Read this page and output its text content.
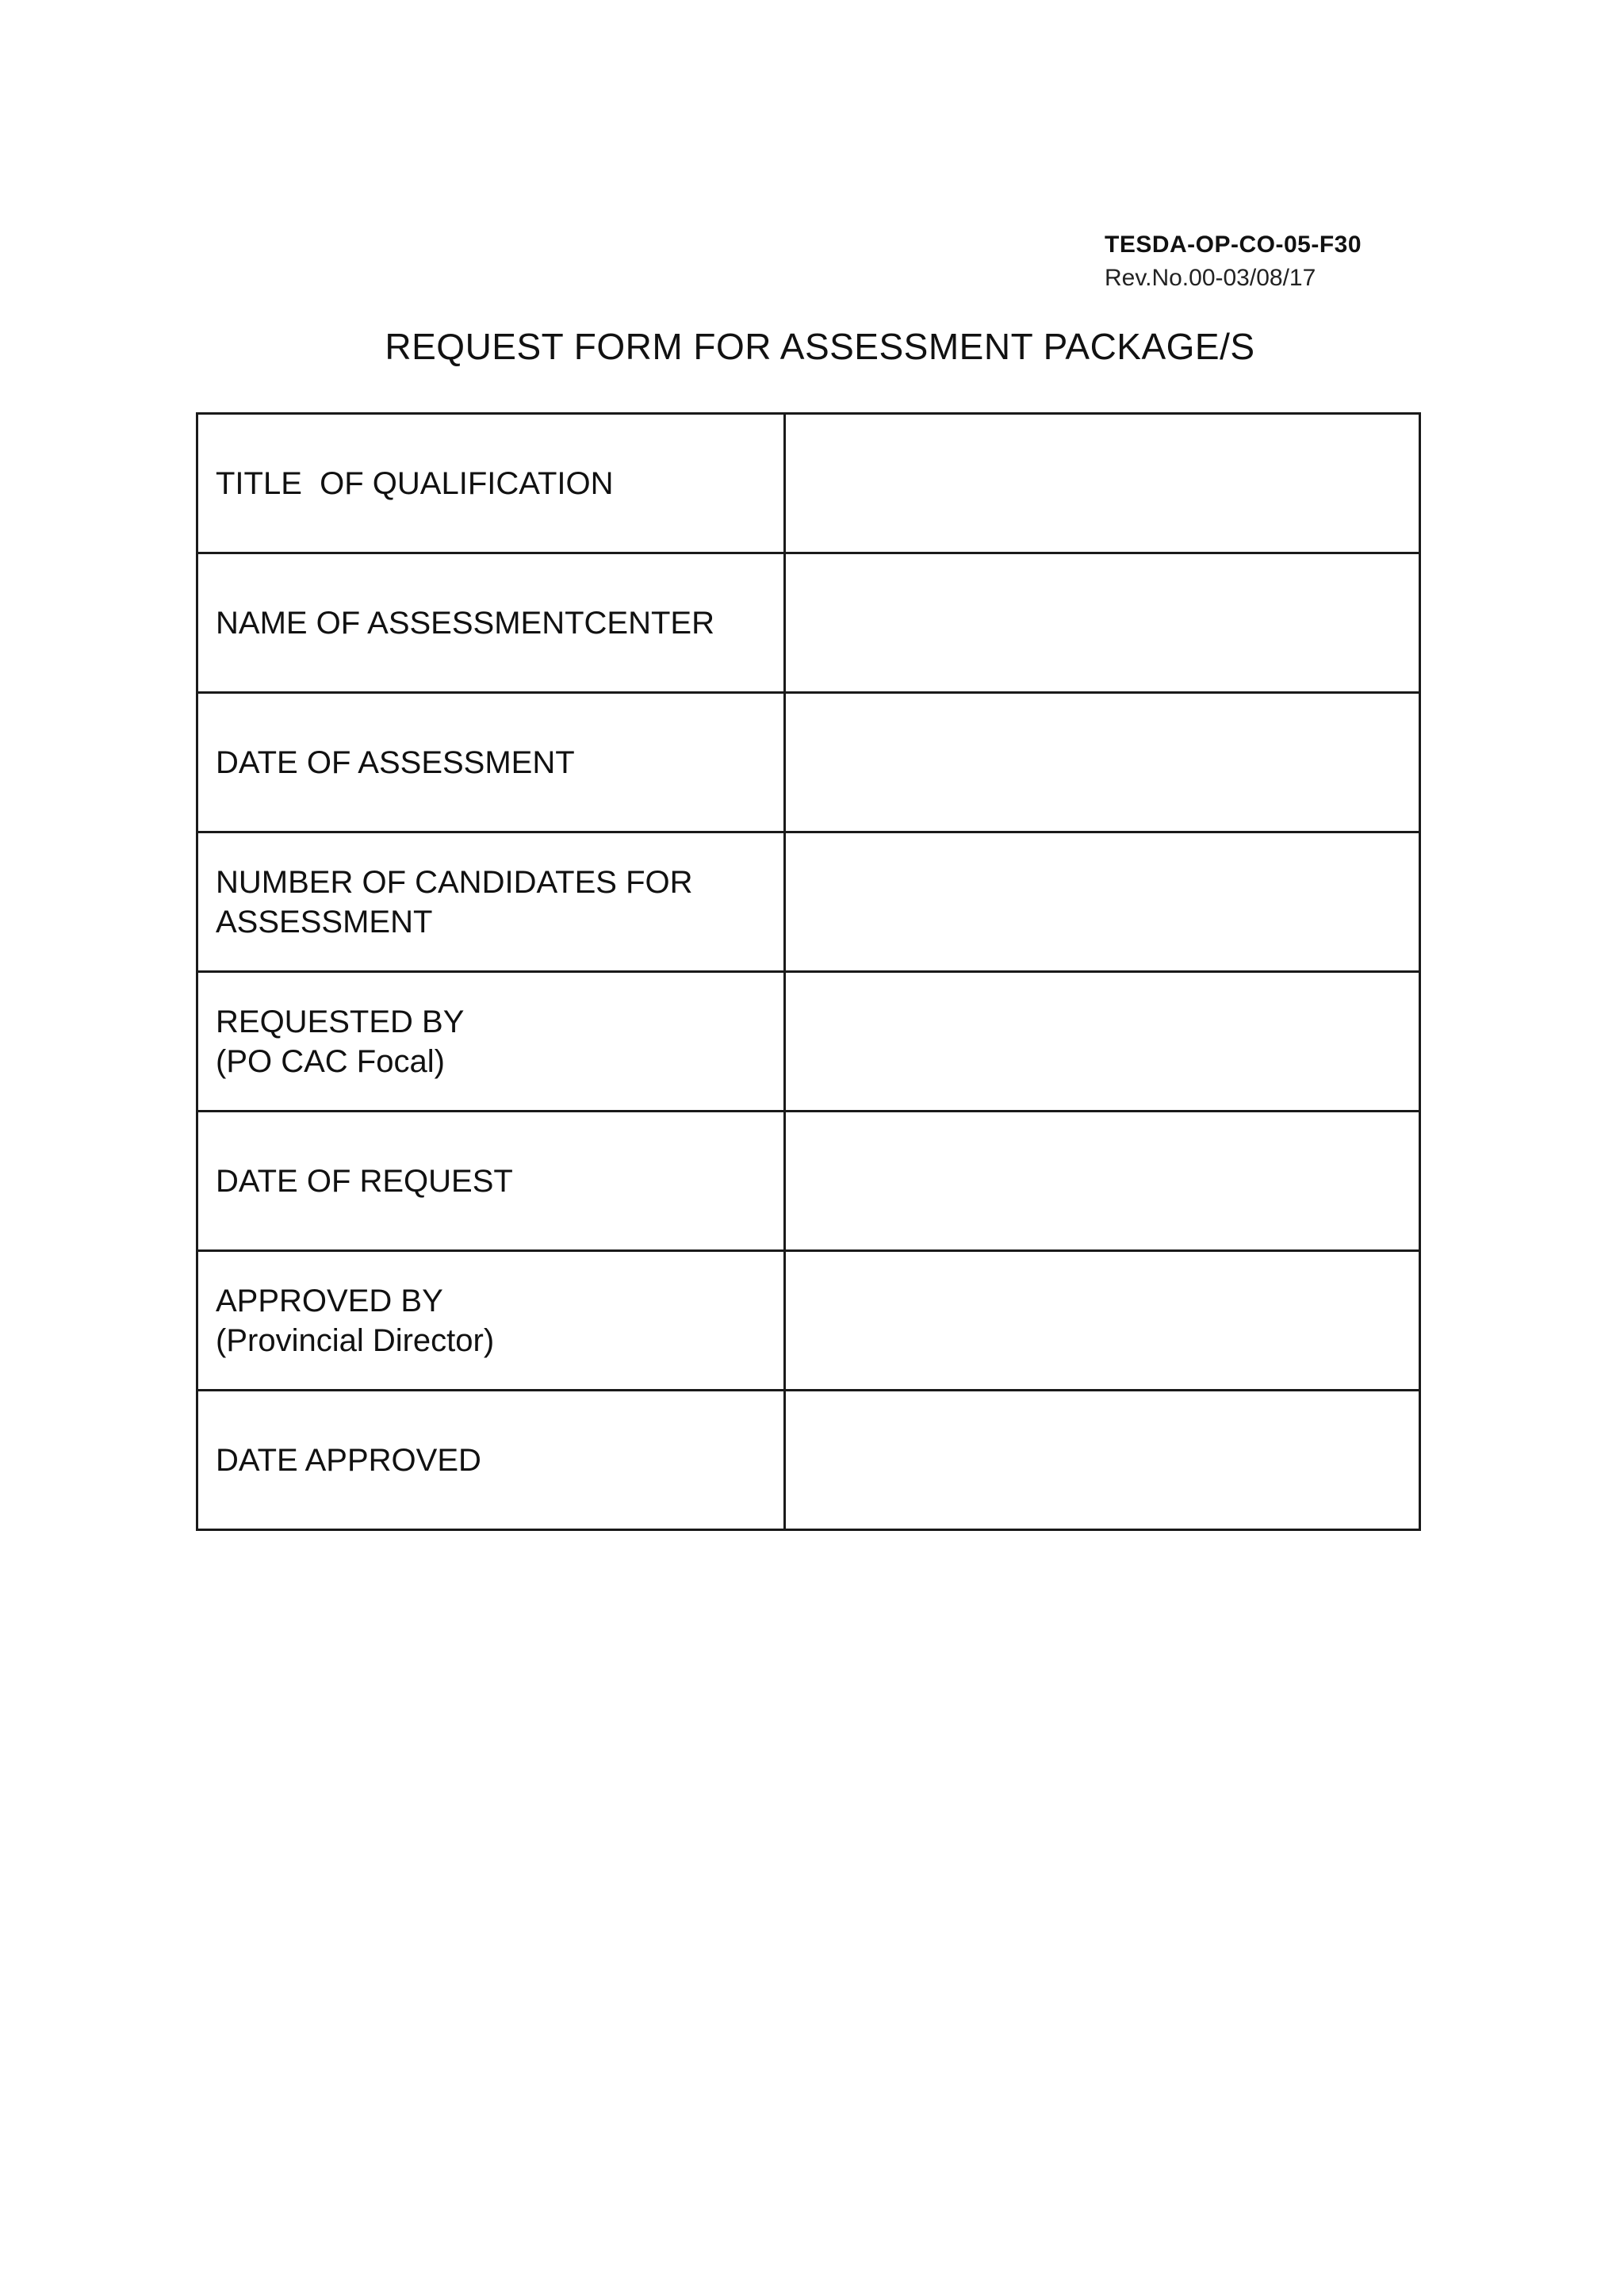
TESDA-OP-CO-05-F30
Rev.No.00-03/08/17
REQUEST FORM FOR ASSESSMENT PACKAGE/S
TITLE  OF QUALIFICATION	

NAME OF ASSESSMENTCENTER	

DATE OF ASSESSMENT	

NUMBER OF CANDIDATES FOR
ASSESSMENT	

REQUESTED BY
(PO CAC Focal)	

DATE OF REQUEST	

APPROVED BY
(Provincial Director)	

DATE APPROVED	
